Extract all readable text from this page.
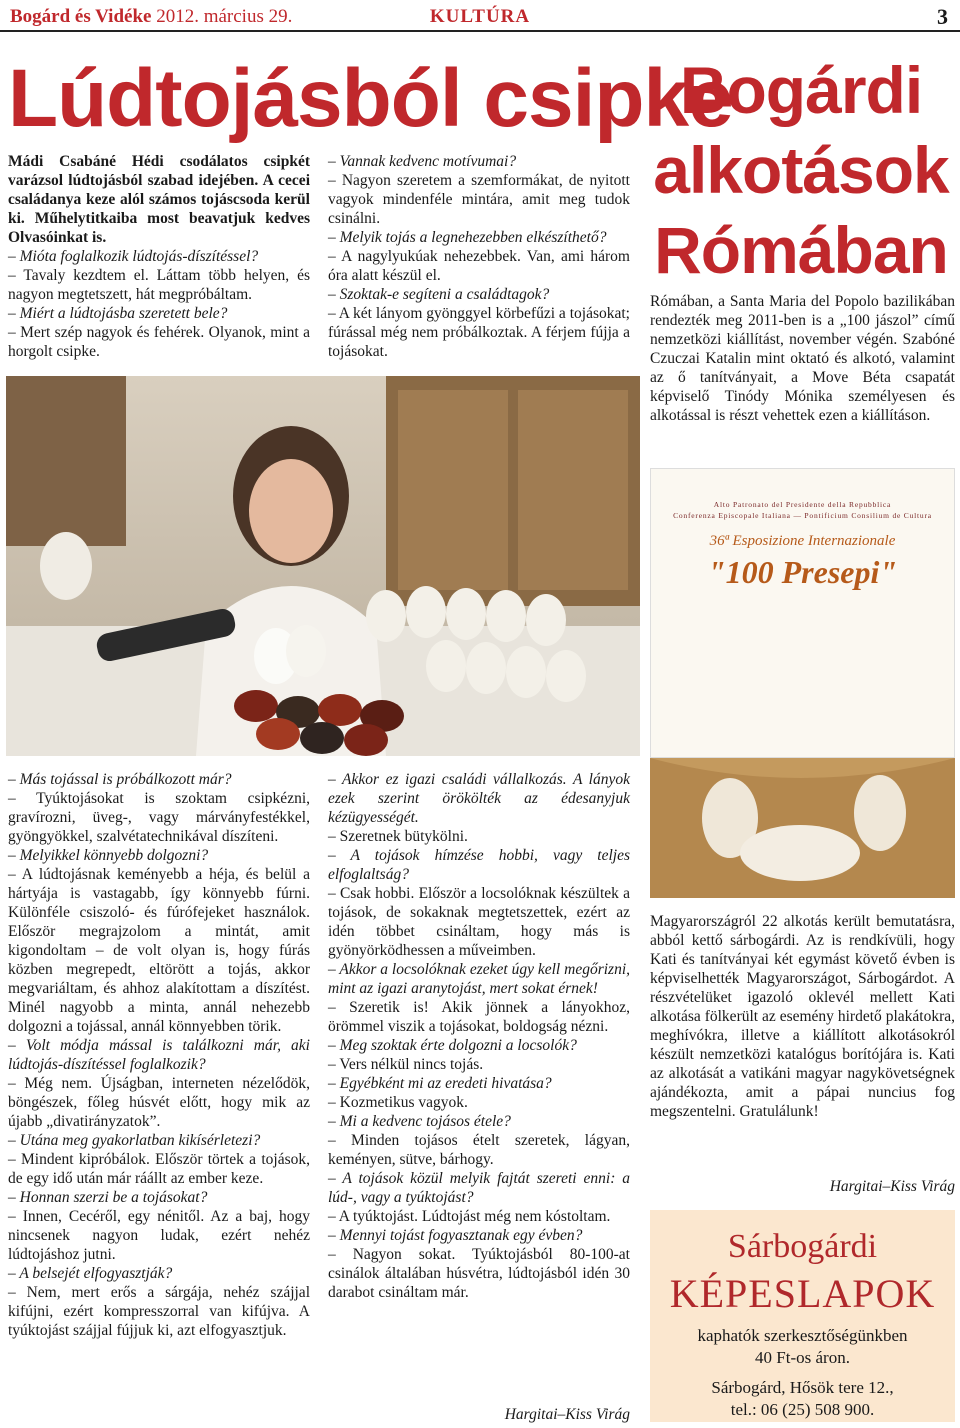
Bogárd és Vidéke 2012. március 29.	KULTÚRA	3
Lúdtojásból csipke

Mádi Csabáné Hédi csodálatos csipkét varázsol lúdtojásból szabad idejében. A cecei családanya keze alól számos tojáscsoda kerül ki. Műhelytitkaiba most beavatjuk kedves Olvasóinkat is.

– Mióta foglalkozik lúdtojás-díszítéssel?

– Tavaly kezdtem el. Láttam több helyen, és nagyon megtetszett, hát megpróbáltam.

– Miért a lúdtojásba szeretett bele?

– Mert szép nagyok és fehérek. Olyanok, mint a horgolt csipke.

– Vannak kedvenc motívumai?

– Nagyon szeretem a szemformákat, de nyitott vagyok mindenféle mintára, amit meg tudok csinálni.

– Melyik tojás a legnehezebben elkészíthető?

– A nagylyukúak nehezebbek. Van, ami három óra alatt készül el.

– Szoktak-e segíteni a családtagok?

– A két lányom gyönggyel körbefűzi a tojásokat; fúrással még nem próbálkoztak. A férjem fújja a tojásokat.

– Más tojással is próbálkozott már?

– Tyúktojásokat is szoktam csipkézni, gravírozni, üveg-, vagy márványfestékkel, gyöngyökkel, szalvétatechnikával díszíteni.

– Melyikkel könnyebb dolgozni?

– A lúdtojásnak keményebb a héja, és belül a hártyája is vastagabb, így könnyebb fúrni. Különféle csiszoló- és fúrófejeket használok. Először megrajzolom a mintát, amit kigondoltam – de volt olyan is, hogy fúrás közben megrepedt, eltörött a tojás, akkor megvariáltam, és ahhoz alakítottam a díszítést. Minél nagyobb a minta, annál nehezebb dolgozni a tojással, annál könnyebben törik.

– Volt módja mással is találkozni már, aki lúdtojás-díszítéssel foglalkozik?

– Még nem. Újságban, interneten nézelődök, böngészek, főleg húsvét előtt, hogy mik az újabb „divatirányzatok”.

– Utána meg gyakorlatban kikísérletezi?

– Mindent kipróbálok. Először törtek a tojások, de egy idő után már ráállt az ember keze.

– Honnan szerzi be a tojásokat?

– Innen, Cecéről, egy nénitől. Az a baj, hogy nincsenek nagyon ludak, ezért nehéz lúdtojáshoz jutni.

– A belsejét elfogyasztják?

– Nem, mert erős a sárgája, nehéz szájjal kifújni, ezért kompresszorral van kifújva. A tyúktojást szájjal fújjuk ki, azt elfogyasztjuk.

– Akkor ez igazi családi vállalkozás. A lányok ezek szerint örökölték az édesanyjuk kézügyességét.

– Szeretnek bütykölni.

– A tojások hímzése hobbi, vagy teljes elfoglaltság?

– Csak hobbi. Először a locsolóknak készültek a tojások, de sokaknak megtetszettek, ezért az idén többet csináltam, hogy más is gyönyörködhessen a műveimben.

– Akkor a locsolóknak ezeket úgy kell megőrizni, mint az igazi aranytojást, mert sokat érnek!

– Szeretik is! Akik jönnek a lányokhoz, örömmel viszik a tojásokat, boldogság nézni.

– Meg szoktak érte dolgozni a locsolók?

– Vers nélkül nincs tojás.

– Egyébként mi az eredeti hivatása?

– Kozmetikus vagyok.

– Mi a kedvenc tojásos étele?

– Minden tojásos ételt szeretek, lágyan, keményen, sütve, bárhogy.

– A tojások közül melyik fajtát szereti enni: a lúd-, vagy a tyúktojást?

– A tyúktojást. Lúdtojást még nem kóstoltam.

– Mennyi tojást fogyasztanak egy évben?

– Nagyon sokat. Tyúktojásból 80-100-at csinálok általában húsvétra, lúdtojásból idén 30 darabot csináltam már.

Hargitai–Kiss Virág
Bogárdi
alkotások
Rómában
Rómában, a Santa Maria del Popolo bazilikában rendezték meg 2011-ben is a „100 jászol” című nemzetközi kiállítást, november végén. Szabóné Czuczai Katalin mint oktató és alkotó, valamint az ő tanítványait, a Move Béta csapatát képviselő Tinódy Mónika személyesen és alkotással is részt vehettek ezen a kiállításon.
Alto Patronato del Presidente della Repubblica
Conferenza Episcopale Italiana — Pontificium Consilium de Cultura
36ª Esposizione Internazionale
"100 Presepi"
Magyarországról 22 alkotás került bemutatásra, abból kettő sárbogárdi. Az is rendkívüli, hogy Kati és tanítványai két egymást követő évben is képviselhették Magyarországot, Sárbogárdot. A részvételüket igazoló oklevél mellett Kati alkotása fölkerült az esemény hirdető plakátokra, meghívókra, illetve a kiállított alkotásokról készült nemzetközi katalógus borítójára is. Kati az alkotását a vatikáni magyar nagykövetségnek ajándékozta, amit a pápai nuncius fog megszentelni. Gratulálunk!
Hargitai–Kiss Virág
Sárbogárdi
KÉPESLAPOK
kaphatók szerkesztőségünkben
40 Ft-os áron.
Sárbogárd, Hősök tere 12.,
tel.: 06 (25) 508 900.
